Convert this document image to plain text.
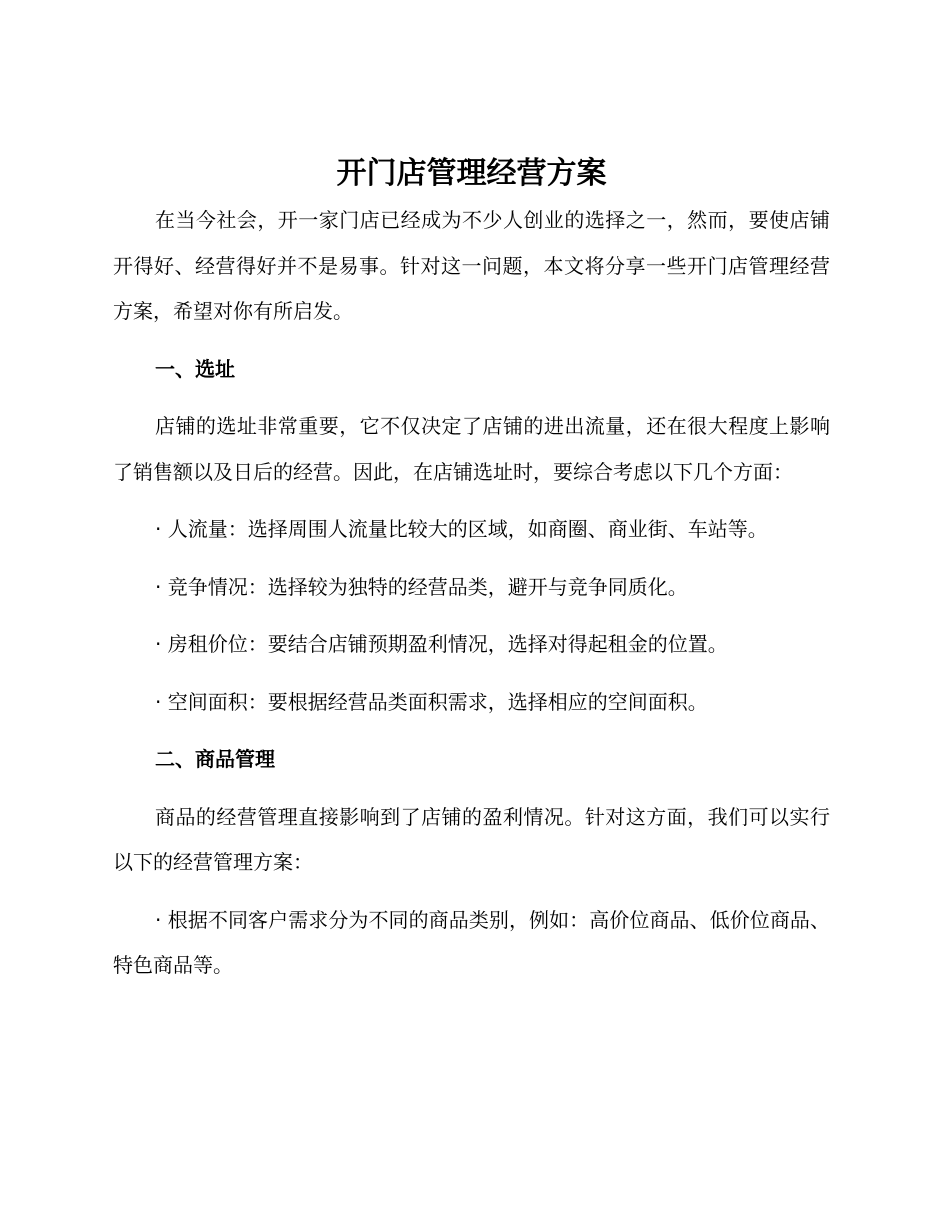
开门店管理经营方案

在当今社会，开一家门店已经成为不少人创业的选择之一，然而，要使店铺开得好、经营得好并不是易事。针对这一问题，本文将分享一些开门店管理经营方案，希望对你有所启发。

一、选址

店铺的选址非常重要，它不仅决定了店铺的进出流量，还在很大程度上影响了销售额以及日后的经营。因此，在店铺选址时，要综合考虑以下几个方面：

· 人流量：选择周围人流量比较大的区域，如商圈、商业街、车站等。

· 竞争情况：选择较为独特的经营品类，避开与竞争同质化。

· 房租价位：要结合店铺预期盈利情况，选择对得起租金的位置。

· 空间面积：要根据经营品类面积需求，选择相应的空间面积。

二、商品管理

商品的经营管理直接影响到了店铺的盈利情况。针对这方面，我们可以实行以下的经营管理方案：

· 根据不同客户需求分为不同的商品类别，例如：高价位商品、低价位商品、特色商品等。
